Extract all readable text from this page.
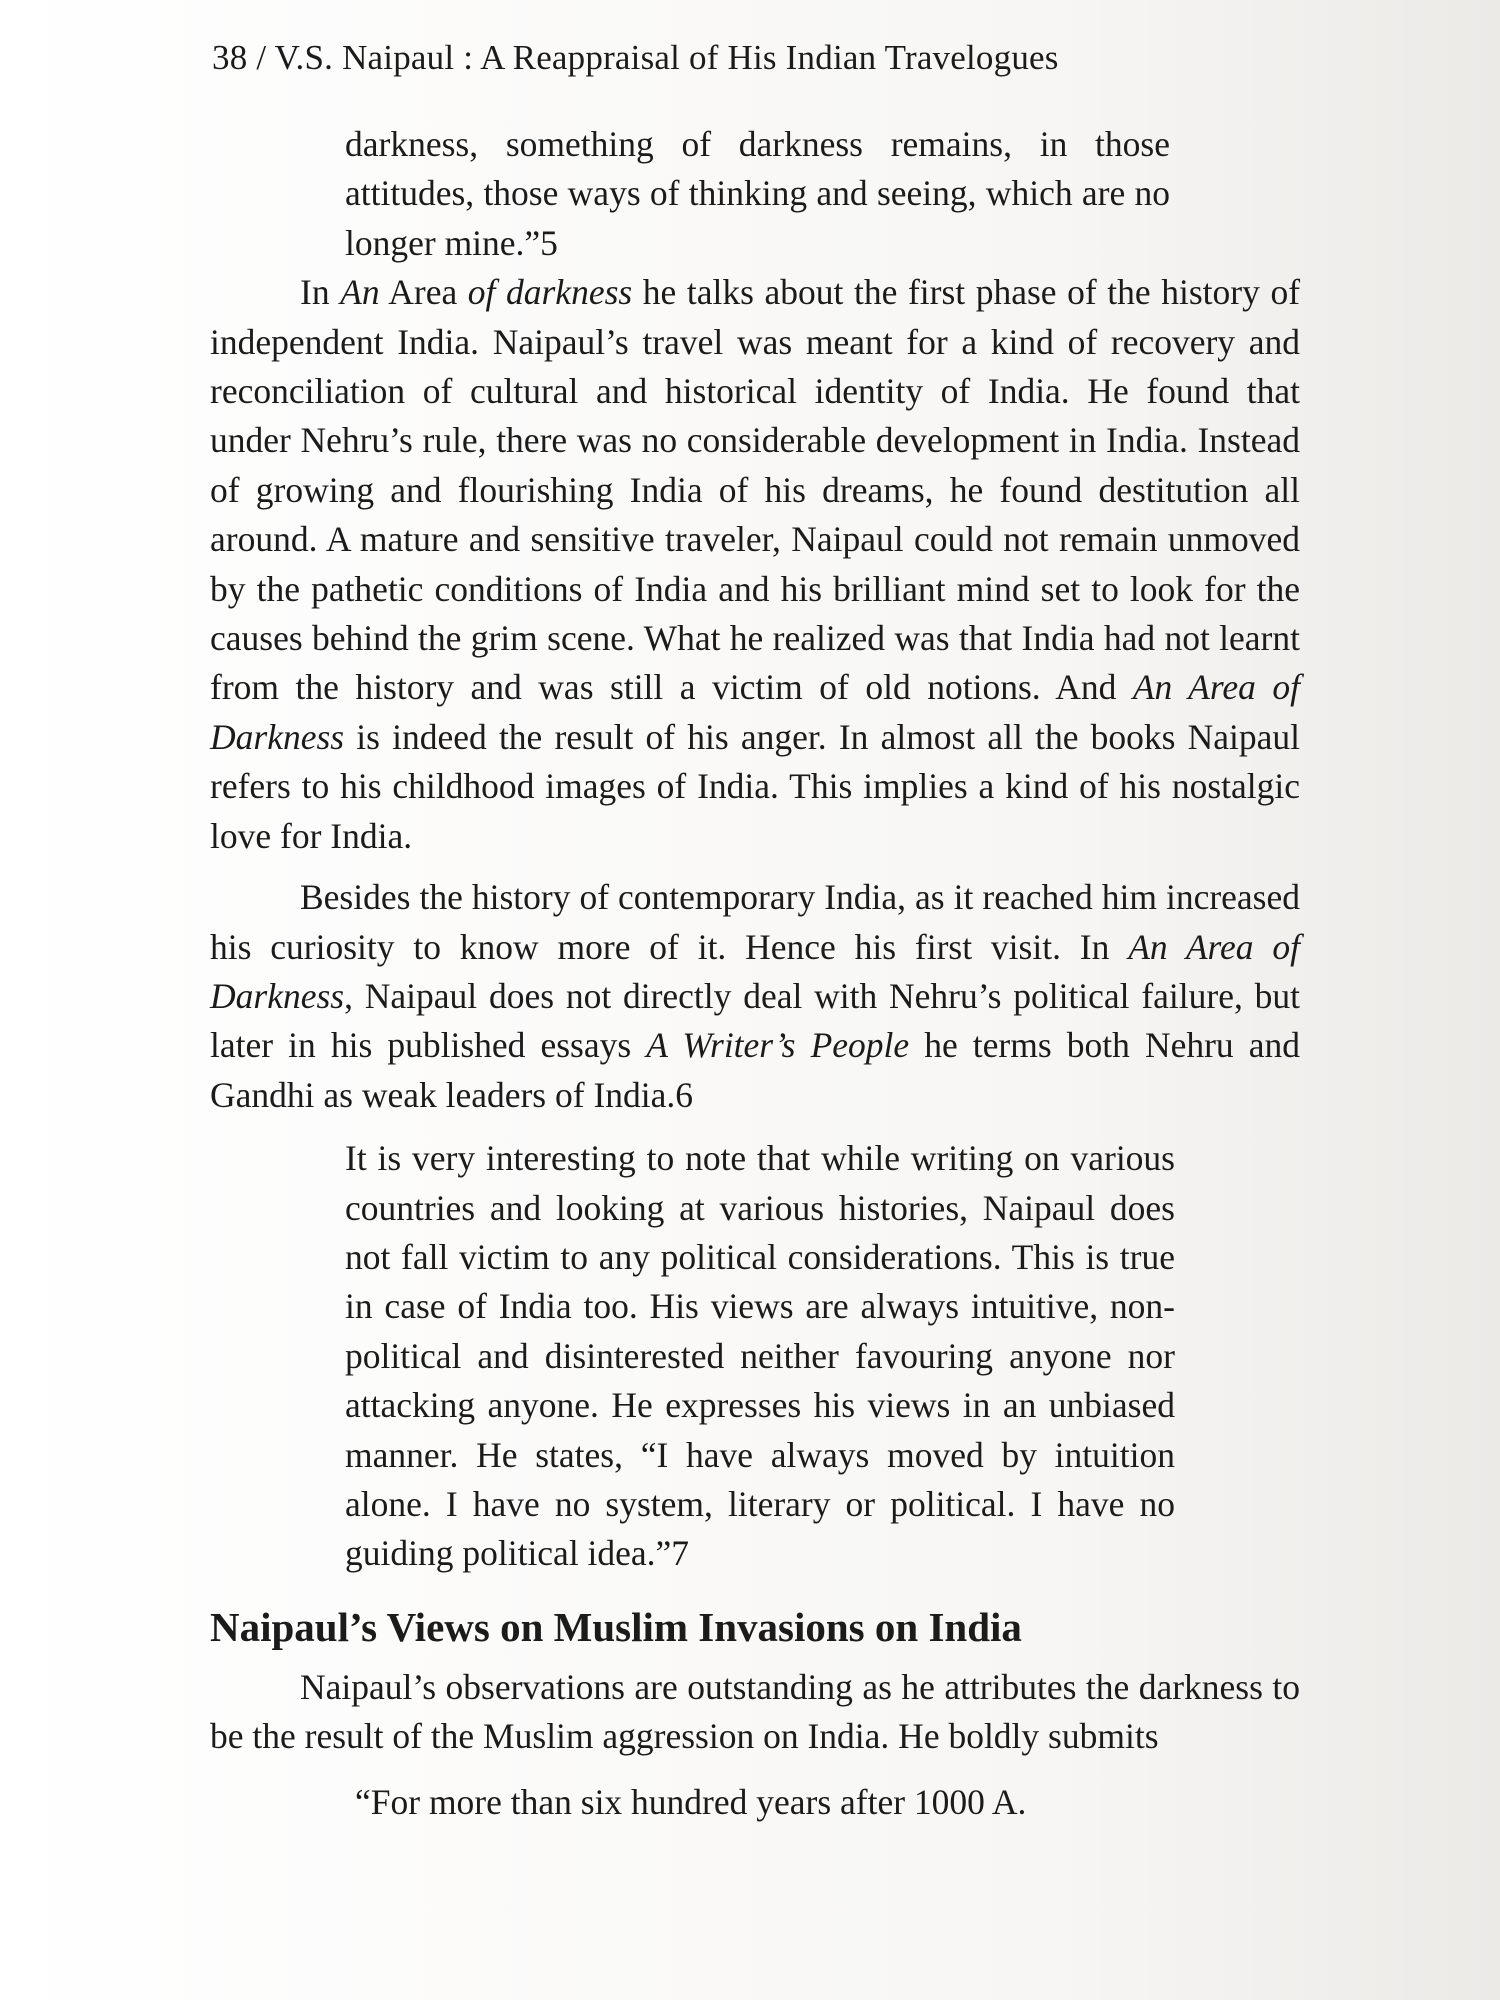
38 / V.S. Naipaul : A Reappraisal of His Indian Travelogues

darkness, something of darkness remains, in those attitudes, those ways of thinking and seeing, which are no longer mine.”5

In An Area of darkness he talks about the first phase of the history of independent India. Naipaul’s travel was meant for a kind of recovery and reconciliation of cultural and historical identity of India. He found that under Nehru’s rule, there was no considerable development in India. Instead of growing and flourishing India of his dreams, he found destitution all around. A mature and sensitive traveler, Naipaul could not remain unmoved by the pathetic conditions of India and his brilliant mind set to look for the causes behind the grim scene. What he realized was that India had not learnt from the history and was still a victim of old notions. And An Area of Darkness is indeed the result of his anger. In almost all the books Naipaul refers to his childhood images of India. This implies a kind of his nostalgic love for India.

Besides the history of contemporary India, as it reached him increased his curiosity to know more of it. Hence his first visit. In An Area of Darkness, Naipaul does not directly deal with Nehru’s political failure, but later in his published essays A Writer’s People he terms both Nehru and Gandhi as weak leaders of India.6

It is very interesting to note that while writing on various countries and looking at various histories, Naipaul does not fall victim to any political considerations. This is true in case of India too. His views are always intuitive, non-political and disinterested neither favouring anyone nor attacking anyone. He expresses his views in an unbiased manner. He states, “I have always moved by intuition alone. I have no system, literary or political. I have no guiding political idea.”7

Naipaul’s Views on Muslim Invasions on India

Naipaul’s observations are outstanding as he attributes the darkness to be the result of the Muslim aggression on India. He boldly submits

“For more than six hundred years after 1000 A.
